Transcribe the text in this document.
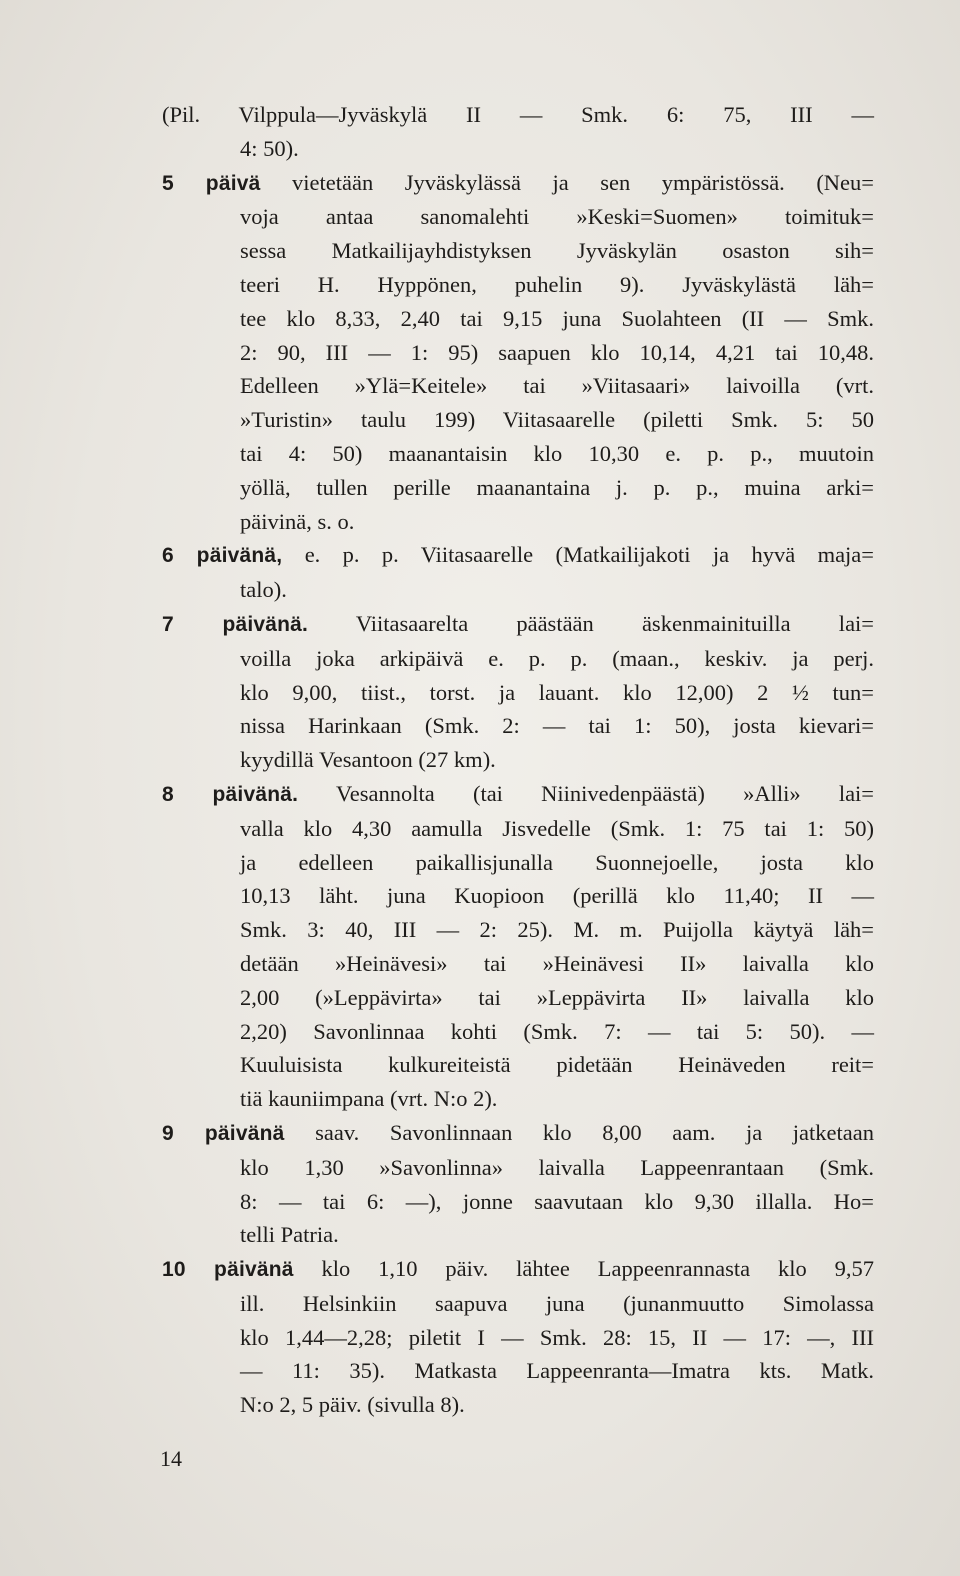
(Pil. Vilppula—Jyväskylä II — Smk. 6: 75, III —
4: 50).

5 päivä vietetään Jyväskylässä ja sen ympäristössä. (Neu=
voja antaa sanomalehti »Keski=Suomen» toimituk=
sessa Matkailijayhdistyksen Jyväskylän osaston sih=
teeri H. Hyppönen, puhelin 9). Jyväskylästä läh=
tee klo 8,33, 2,40 tai 9,15 juna Suolahteen (II — Smk.
2: 90, III — 1: 95) saapuen klo 10,14, 4,21 tai 10,48.
Edelleen »Ylä=Keitele» tai »Viitasaari» laivoilla (vrt.
»Turistin» taulu 199) Viitasaarelle (piletti Smk. 5: 50
tai 4: 50) maanantaisin klo 10,30 e. p. p., muutoin
yöllä, tullen perille maanantaina j. p. p., muina arki=
päivinä, s. o.

6 päivänä, e. p. p. Viitasaarelle (Matkailijakoti ja hyvä maja=
talo).

7 päivänä. Viitasaarelta päästään äskenmainituilla lai=
voilla joka arkipäivä e. p. p. (maan., keskiv. ja perj.
klo 9,00, tiist., torst. ja lauant. klo 12,00) 2 ½ tun=
nissa Harinkaan (Smk. 2: — tai 1: 50), josta kievari=
kyydillä Vesantoon (27 km).

8 päivänä. Vesannolta (tai Niinivedenpäästä) »Alli» lai=
valla klo 4,30 aamulla Jisvedelle (Smk. 1: 75 tai 1: 50)
ja edelleen paikallisjunalla Suonnejoelle, josta klo
10,13 läht. juna Kuopioon (perillä klo 11,40; II —
Smk. 3: 40, III — 2: 25). M. m. Puijolla käytyä läh=
detään »Heinävesi» tai »Heinävesi II» laivalla klo
2,00 (»Leppävirta» tai »Leppävirta II» laivalla klo
2,20) Savonlinnaa kohti (Smk. 7: — tai 5: 50). —
Kuuluisista kulkureiteistä pidetään Heinäveden reit=
tiä kauniimpana (vrt. N:o 2).

9 päivänä saav. Savonlinnaan klo 8,00 aam. ja jatketaan
klo 1,30 »Savonlinna» laivalla Lappeenrantaan (Smk.
8: — tai 6: —), jonne saavutaan klo 9,30 illalla. Ho=
telli Patria.

10 päivänä klo 1,10 päiv. lähtee Lappeenrannasta klo 9,57
ill. Helsinkiin saapuva juna (junanmuutto Simolassa
klo 1,44—2,28; piletit I — Smk. 28: 15, II — 17: —, III
— 11: 35). Matkasta Lappeenranta—Imatra kts. Matk.
N:o 2, 5 päiv. (sivulla 8).

14
